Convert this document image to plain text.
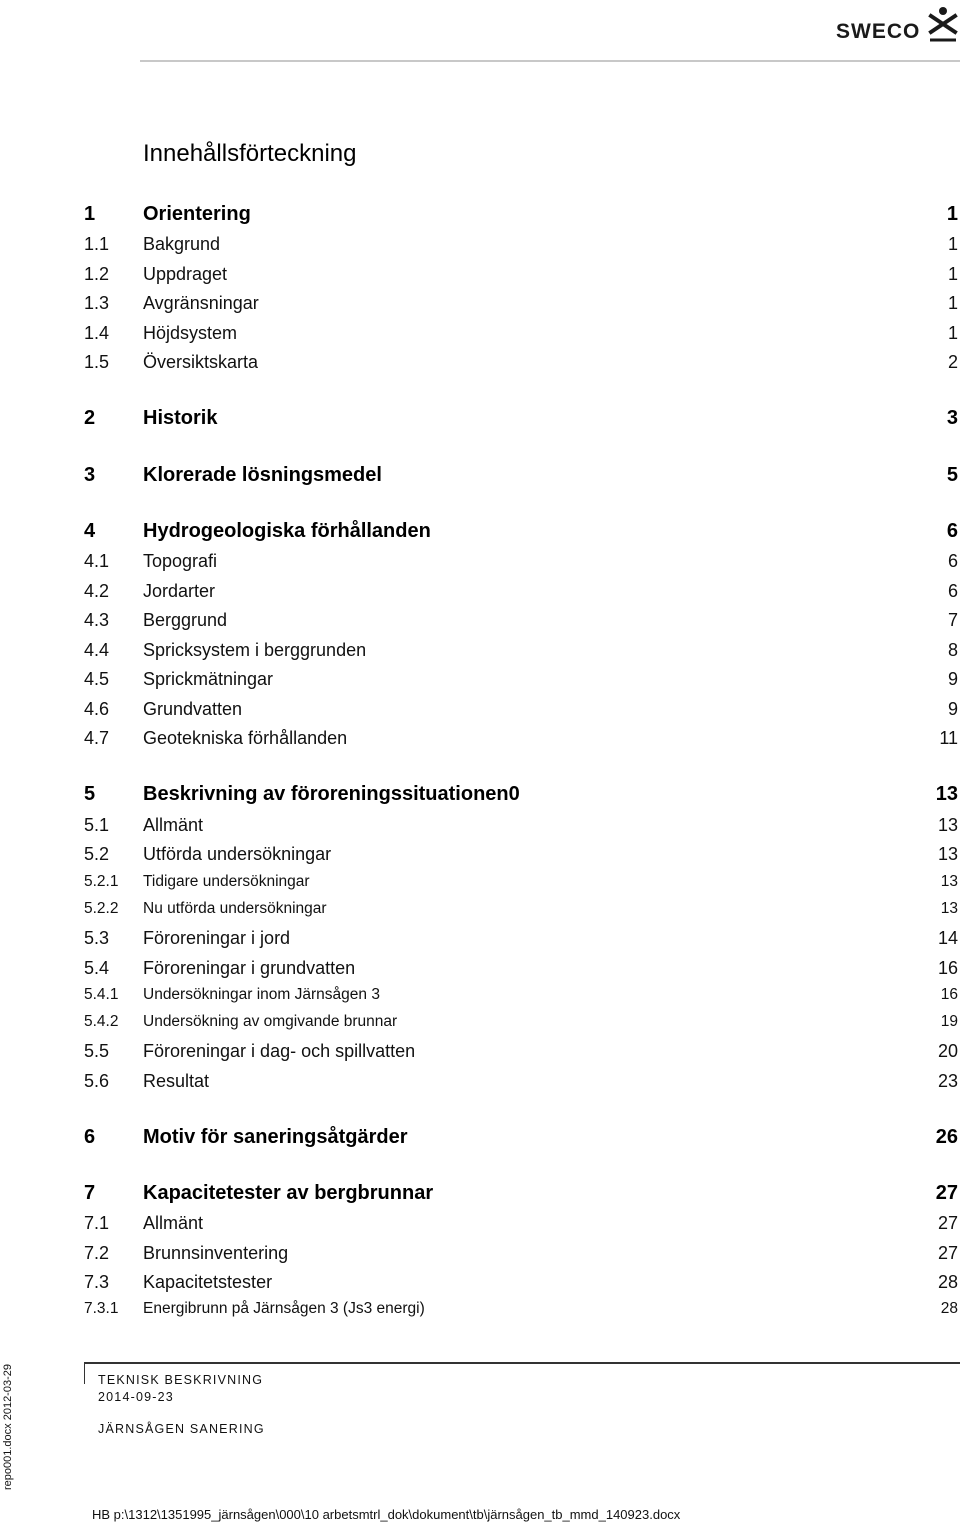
SWECO
Innehållsförteckning
1 Orientering	1
1.1 Bakgrund	1
1.2 Uppdraget	1
1.3 Avgränsningar	1
1.4 Höjdsystem	1
1.5 Översiktskarta	2
2 Historik	3
3 Klorerade lösningsmedel	5
4 Hydrogeologiska förhållanden	6
4.1 Topografi	6
4.2 Jordarter	6
4.3 Berggrund	7
4.4 Spricksystem i berggrunden	8
4.5 Sprickmätningar	9
4.6 Grundvatten	9
4.7 Geotekniska förhållanden	11
5 Beskrivning av föroreningssituationen0	13
5.1 Allmänt	13
5.2 Utförda undersökningar	13
5.2.1 Tidigare undersökningar	13
5.2.2 Nu utförda undersökningar	13
5.3 Föroreningar i jord	14
5.4 Föroreningar i grundvatten	16
5.4.1 Undersökningar inom Järnsågen 3	16
5.4.2 Undersökning av omgivande brunnar	19
5.5 Föroreningar i dag- och spillvatten	20
5.6 Resultat	23
6 Motiv för saneringsåtgärder	26
7 Kapacitetester av bergbrunnar	27
7.1 Allmänt	27
7.2 Brunnsinventering	27
7.3 Kapacitetstester	28
7.3.1 Energibrunn på Järnsågen 3 (Js3 energi)	28
TEKNISK BESKRIVNING
2014-09-23
JÄRNSÅGEN SANERING
repo001.docx 2012-03-29
HB p:\1312\1351995_järnsågen\000\10 arbetsmtrl_dok\dokument\tb\järnsågen_tb_mmd_140923.docx
